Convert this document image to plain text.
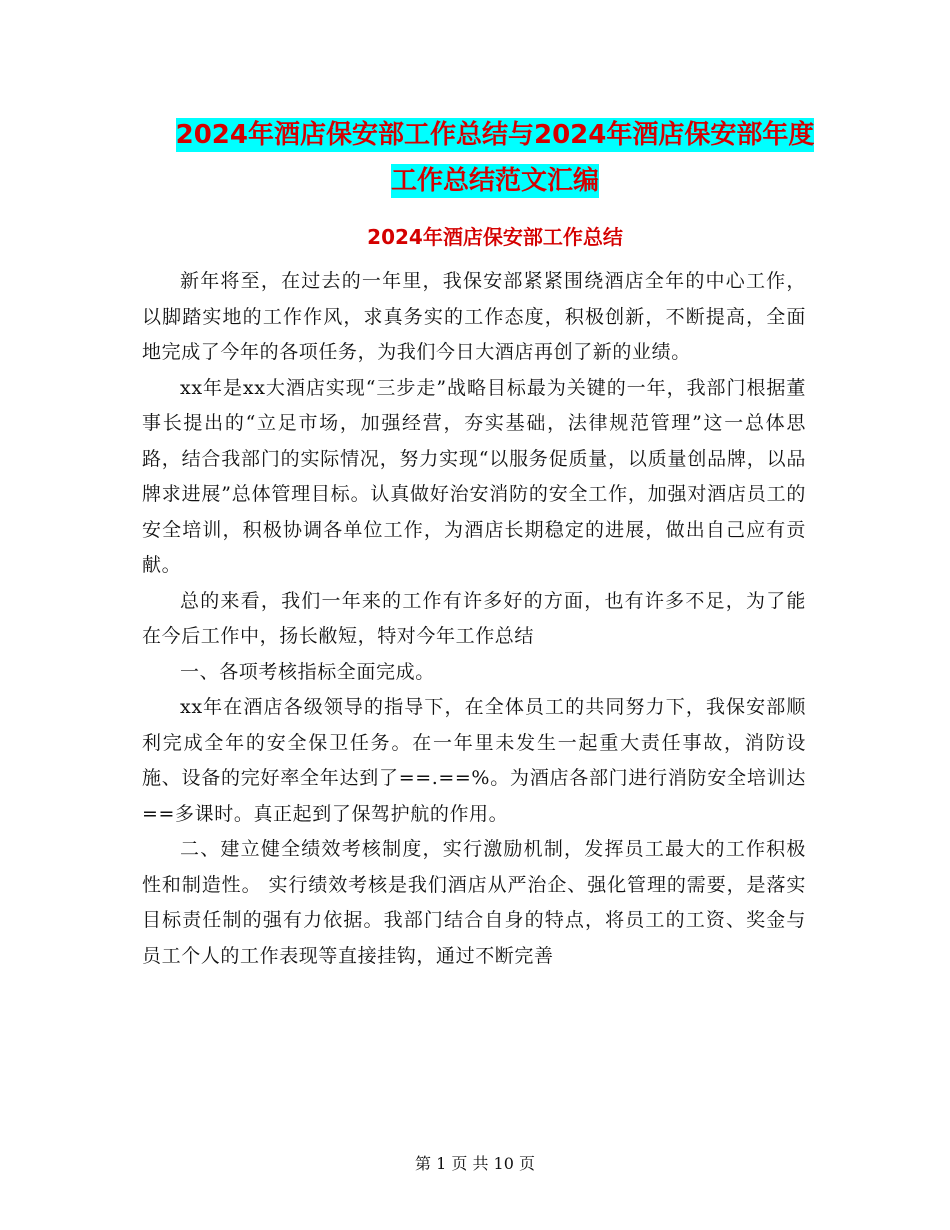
2024年酒店保安部工作总结与2024年酒店保安部年度
工作总结范文汇编
2024年酒店保安部工作总结

新年将至，在过去的一年里，我保安部紧紧围绕酒店全年的中心工作，以脚踏实地的工作作风，求真务实的工作态度，积极创新，不断提高，全面地完成了今年的各项任务，为我们今日大酒店再创了新的业绩。

xx年是xx大酒店实现“三步走”战略目标最为关键的一年，我部门根据董事长提出的“立足市场，加强经营，夯实基础，法律规范管理”这一总体思路，结合我部门的实际情况，努力实现“以服务促质量，以质量创品牌，以品牌求进展”总体管理目标。认真做好治安消防的安全工作，加强对酒店员工的安全培训，积极协调各单位工作，为酒店长期稳定的进展，做出自己应有贡献。

总的来看，我们一年来的工作有许多好的方面，也有许多不足，为了能在今后工作中，扬长敝短，特对今年工作总结

一、各项考核指标全面完成。

xx年在酒店各级领导的指导下，在全体员工的共同努力下，我保安部顺利完成全年的安全保卫任务。在一年里未发生一起重大责任事故，消防设施、设备的完好率全年达到了==.==%。为酒店各部门进行消防安全培训达==多课时。真正起到了保驾护航的作用。

二、建立健全绩效考核制度，实行激励机制，发挥员工最大的工作积极性和制造性。 实行绩效考核是我们酒店从严治企、强化管理的需要，是落实目标责任制的强有力依据。我部门结合自身的特点，将员工的工资、奖金与员工个人的工作表现等直接挂钩，通过不断完善

第 1 页 共 10 页
